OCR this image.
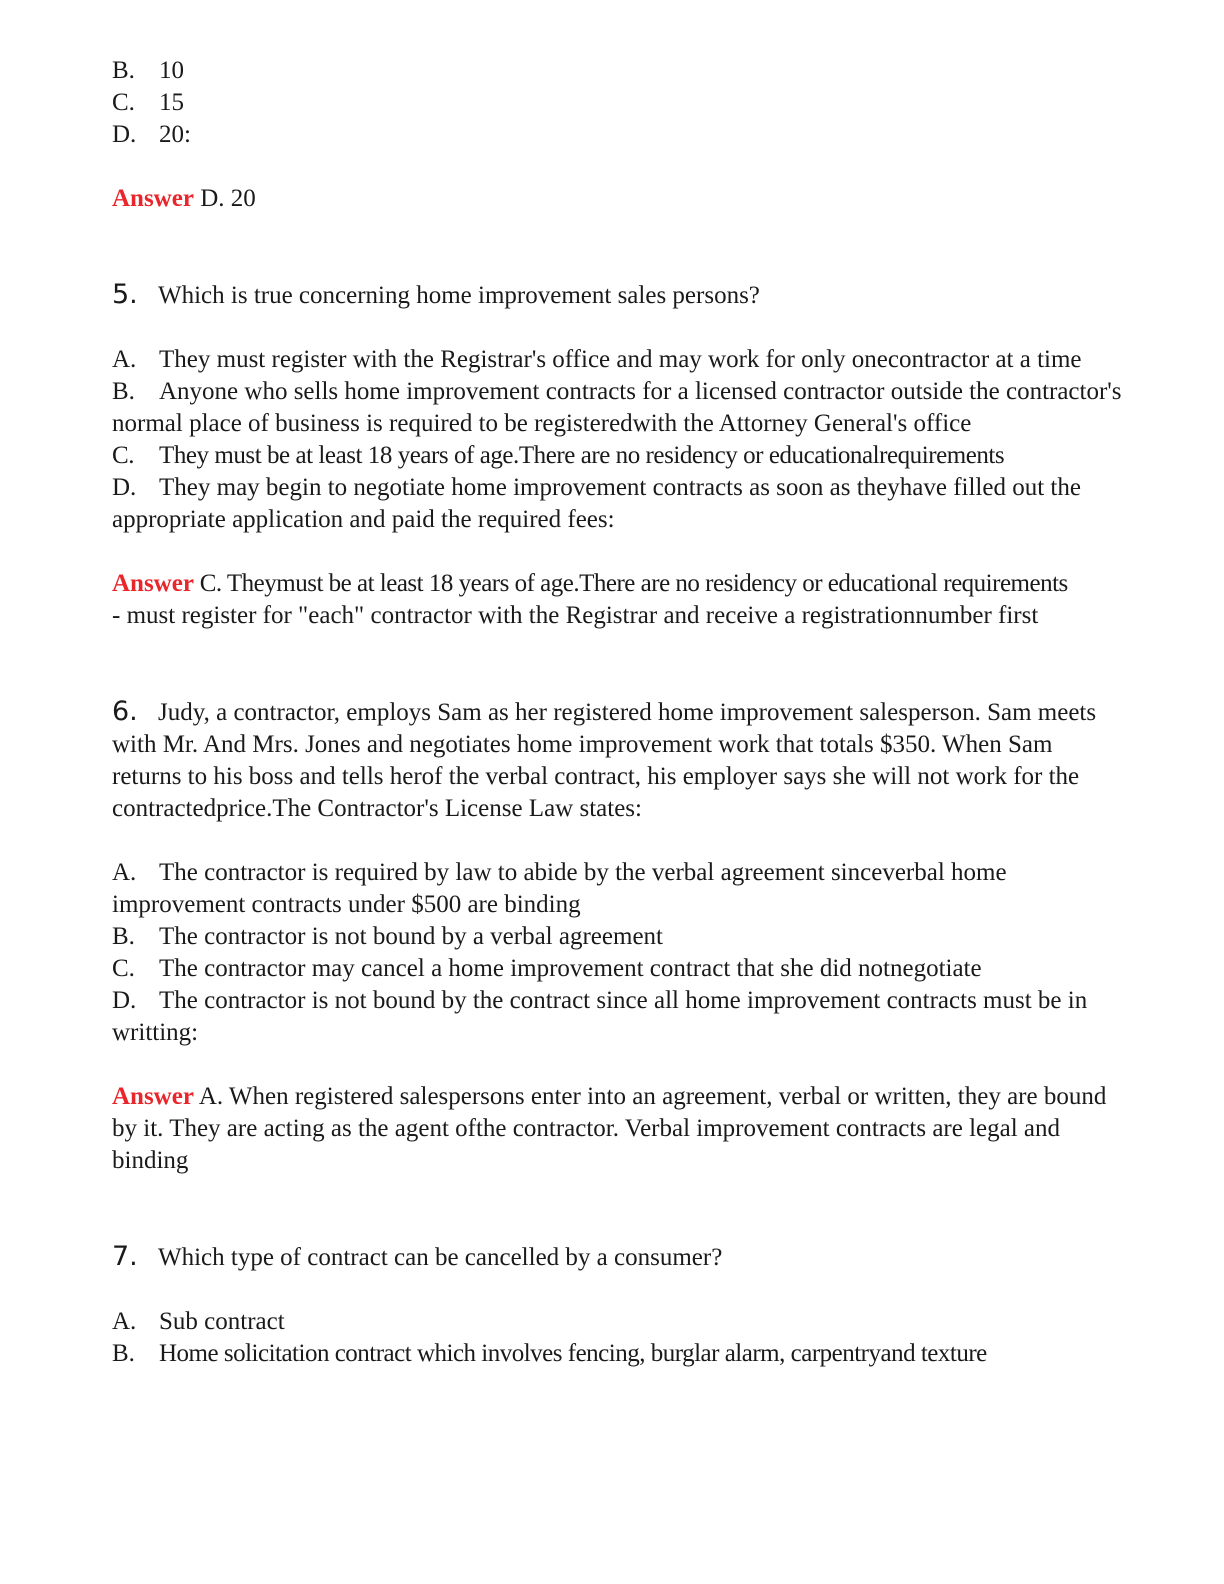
B. 10
C. 15
D. 20:
Answer D. 20
5. Which is true concerning home improvement sales persons?
A. They must register with the Registrar's office and may work for only onecontractor at a time
B. Anyone who sells home improvement contracts for a licensed contractor outside the contractor's normal place of business is required to be registeredwith the Attorney General's office
C. They must be at least 18 years of age.There are no residency or educationalrequirements
D. They may begin to negotiate home improvement contracts as soon as theyhave filled out the appropriate application and paid the required fees:
Answer C. Theymust be at least 18 years of age.There are no residency or educational requirements
- must register for "each" contractor with the Registrar and receive a registrationnumber first
6. Judy, a contractor, employs Sam as her registered home improvement salesperson. Sam meets with Mr. And Mrs. Jones and negotiates home improvement work that totals $350. When Sam returns to his boss and tells herof the verbal contract, his employer says she will not work for the contractedprice.The Contractor's License Law states:
A. The contractor is required by law to abide by the verbal agreement sinceverbal home improvement contracts under $500 are binding
B. The contractor is not bound by a verbal agreement
C. The contractor may cancel a home improvement contract that she did notnegotiate
D. The contractor is not bound by the contract since all home improvement contracts must be in writting:
Answer A. When registered salespersons enter into an agreement, verbal or written, they are bound by it. They are acting as the agent ofthe contractor. Verbal improvement contracts are legal and binding
7. Which type of contract can be cancelled by a consumer?
A. Sub contract
B. Home solicitation contract which involves fencing, burglar alarm, carpentryand texture
